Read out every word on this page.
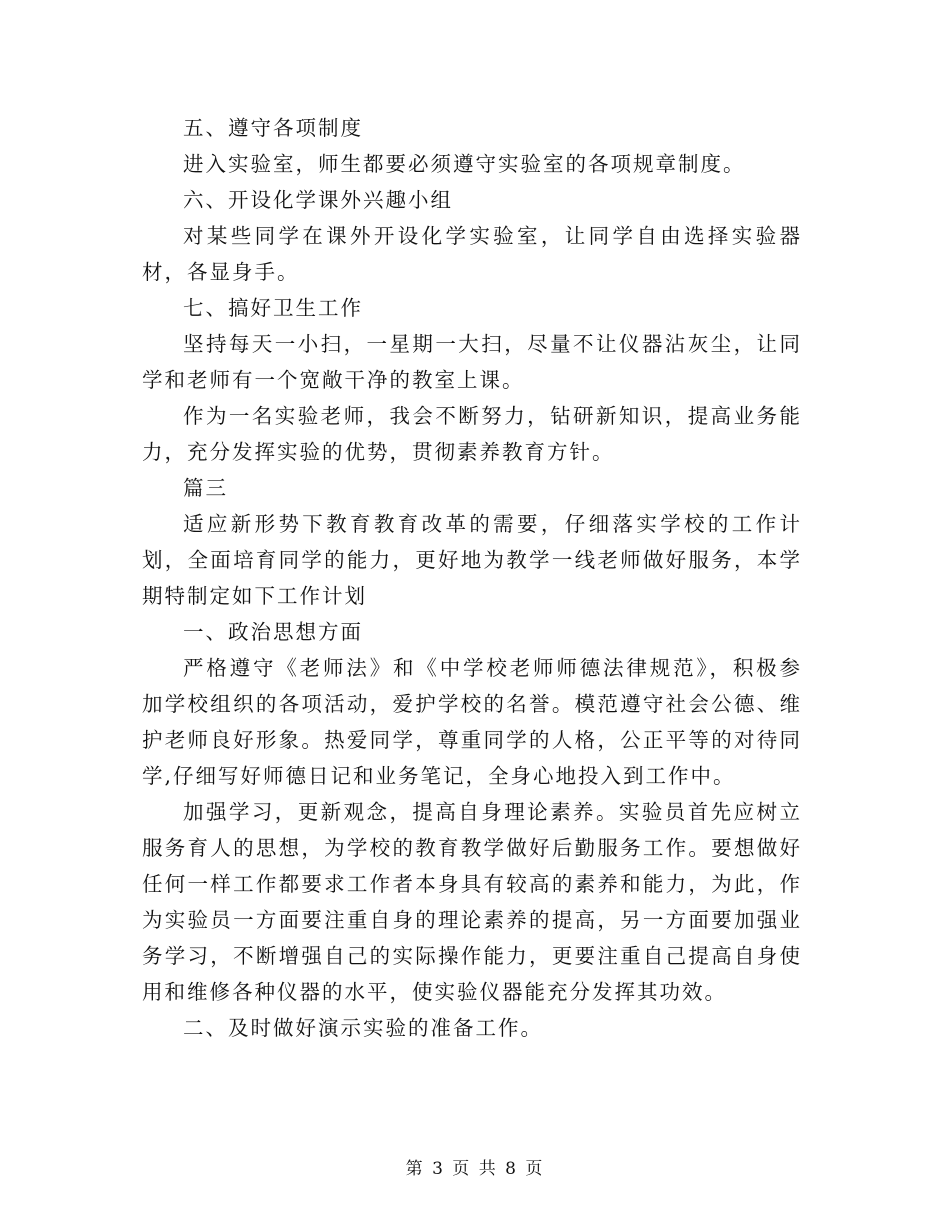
五、遵守各项制度

进入实验室，师生都要必须遵守实验室的各项规章制度。

六、开设化学课外兴趣小组

对某些同学在课外开设化学实验室，让同学自由选择实验器材，各显身手。

七、搞好卫生工作

坚持每天一小扫，一星期一大扫，尽量不让仪器沾灰尘，让同学和老师有一个宽敞干净的教室上课。

作为一名实验老师，我会不断努力，钻研新知识，提高业务能力，充分发挥实验的优势，贯彻素养教育方针。

篇三

适应新形势下教育教育改革的需要，仔细落实学校的工作计划，全面培育同学的能力，更好地为教学一线老师做好服务，本学期特制定如下工作计划

一、政治思想方面

严格遵守《老师法》和《中学校老师师德法律规范》，积极参加学校组织的各项活动，爱护学校的名誉。模范遵守社会公德、维护老师良好形象。热爱同学，尊重同学的人格，公正平等的对待同学,仔细写好师德日记和业务笔记，全身心地投入到工作中。

加强学习，更新观念，提高自身理论素养。实验员首先应树立服务育人的思想，为学校的教育教学做好后勤服务工作。要想做好任何一样工作都要求工作者本身具有较高的素养和能力，为此，作为实验员一方面要注重自身的理论素养的提高，另一方面要加强业务学习，不断增强自己的实际操作能力，更要注重自己提高自身使用和维修各种仪器的水平，使实验仪器能充分发挥其功效。

二、及时做好演示实验的准备工作。

第 3 页 共 8 页
